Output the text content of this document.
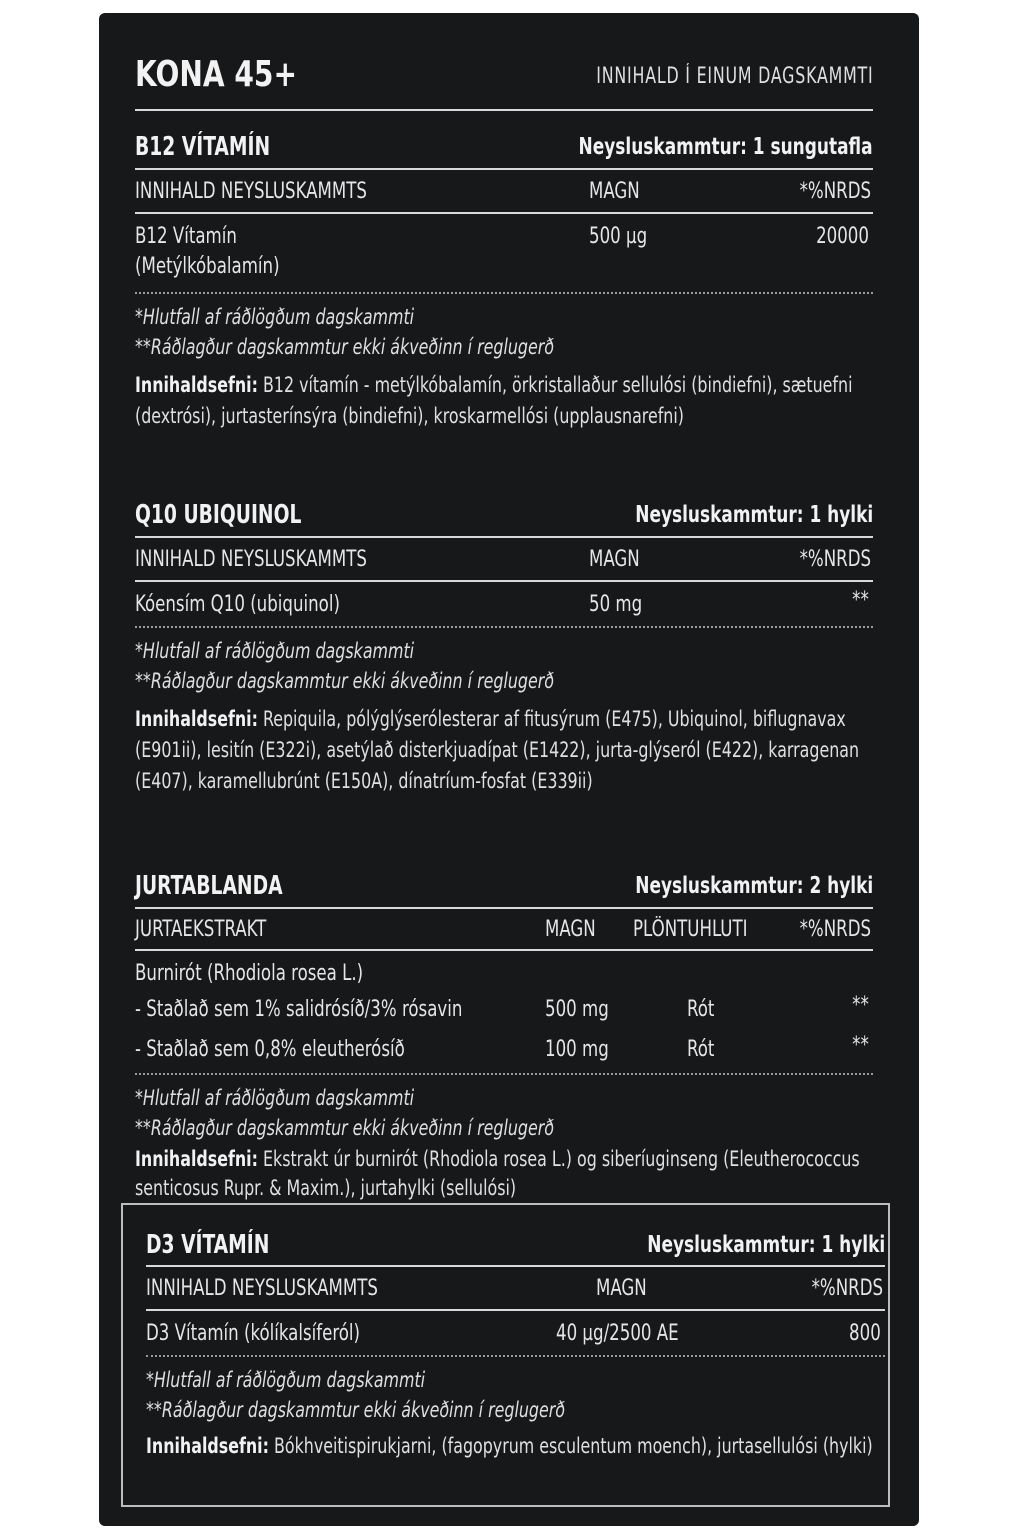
KONA 45+	INNIHALD Í EINUM DAGSKAMMTI
B12 VÍTAMÍN	Neysluskammtur: 1 sungutafla
INNIHALD NEYSLUSKAMMTS	MAGN	*%NRDS
B12 Vítamín
(Metýlkóbalamín)
500 µg	20000
*Hlutfall af ráðlögðum dagskammti
**Ráðlagður dagskammtur ekki ákveðinn í reglugerð
Innihaldsefni: B12 vítamín - metýlkóbalamín, örkristallaður sellulósi (bindiefni), sætuefni (dextrósi), jurtasterínsýra (bindiefni), kroskarmellósi (upplausnarefni)
Q10 UBIQUINOL	Neysluskammtur: 1 hylki
INNIHALD NEYSLUSKAMMTS	MAGN	*%NRDS
Kóensím Q10 (ubiquinol)	50 mg	**
*Hlutfall af ráðlögðum dagskammti
**Ráðlagður dagskammtur ekki ákveðinn í reglugerð
Innihaldsefni: Repiquila, pólýglýserólesterar af fitusýrum (E475), Ubiquinol, biflugnavax (E901ii), lesitín (E322i), asetýlað disterkjuadípat (E1422), jurta-glýseról (E422), karragenan (E407), karamellubrúnt (E150A), dínatríum-fosfat (E339ii)
JURTABLANDA	Neysluskammtur: 2 hylki
JURTAEKSTRAKT	MAGN	PLÖNTUHLUTI	*%NRDS
Burnirót (Rhodiola rosea L.)
- Staðlað sem 1% salidrósíð/3% rósavin	500 mg	Rót	**
- Staðlað sem 0,8% eleutherósíð	100 mg	Rót	**
*Hlutfall af ráðlögðum dagskammti
**Ráðlagður dagskammtur ekki ákveðinn í reglugerð
Innihaldsefni: Ekstrakt úr burnirót (Rhodiola rosea L.) og siberíuginseng (Eleutherococcus senticosus Rupr. & Maxim.), jurtahylki (sellulósi)
D3 VÍTAMÍN	Neysluskammtur: 1 hylki
INNIHALD NEYSLUSKAMMTS	MAGN	*%NRDS
D3 Vítamín (kólíkalsíferól)	40 µg/2500 AE	800
*Hlutfall af ráðlögðum dagskammti
**Ráðlagður dagskammtur ekki ákveðinn í reglugerð
Innihaldsefni: Bókhveitispirukjarni, (fagopyrum esculentum moench), jurtasellulósi (hylki)
